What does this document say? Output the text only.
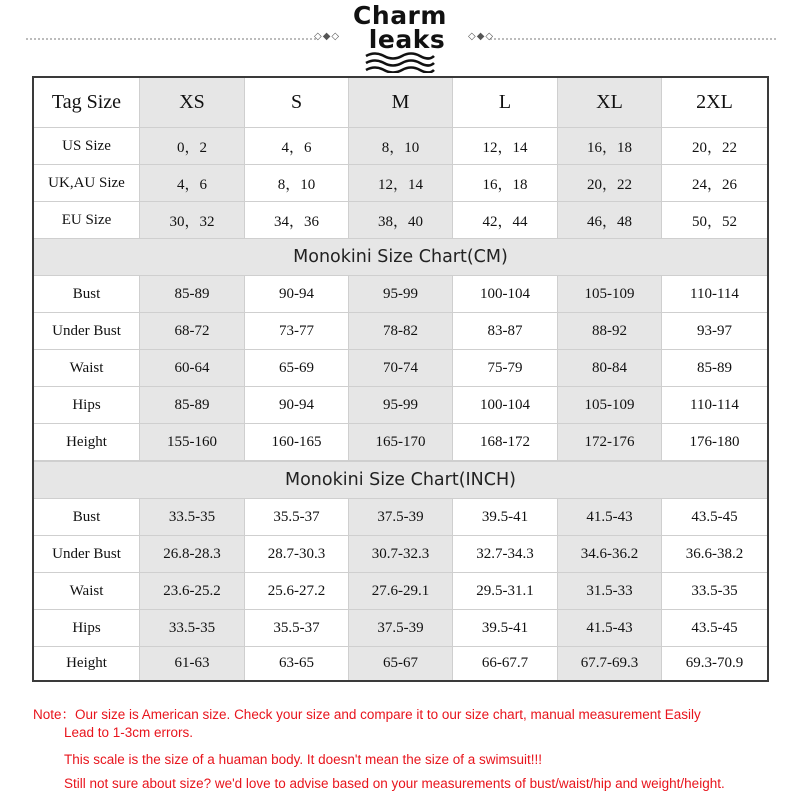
◇◆◇	◇◆◇
Charm
leaks
Tag Size	XS	S	M	L	XL	2XL
US Size	0，2	4，6	8，10	12，14	16，18	20，22
UK,AU Size	4，6	8，10	12，14	16，18	20，22	24，26
EU Size	30，32	34，36	38，40	42，44	46，48	50，52
Monokini Size Chart(CM)
Bust	85-89	90-94	95-99	100-104	105-109	110-114
Under Bust	68-72	73-77	78-82	83-87	88-92	93-97
Waist	60-64	65-69	70-74	75-79	80-84	85-89
Hips	85-89	90-94	95-99	100-104	105-109	110-114
Height	155-160	160-165	165-170	168-172	172-176	176-180
Monokini Size Chart(INCH)
Bust	33.5-35	35.5-37	37.5-39	39.5-41	41.5-43	43.5-45
Under Bust	26.8-28.3	28.7-30.3	30.7-32.3	32.7-34.3	34.6-36.2	36.6-38.2
Waist	23.6-25.2	25.6-27.2	27.6-29.1	29.5-31.1	31.5-33	33.5-35
Hips	33.5-35	35.5-37	37.5-39	39.5-41	41.5-43	43.5-45
Height	61-63	63-65	65-67	66-67.7	67.7-69.3	69.3-70.9
Note：Our size is American size. Check your size and compare it to our size chart, manual measurement Easily
Lead to 1-3cm errors.
This scale is the size of a huaman body. It doesn't mean the size of a swimsuit!!!
Still not sure about size? we'd love to advise based on your measurements of bust/waist/hip and weight/height.
